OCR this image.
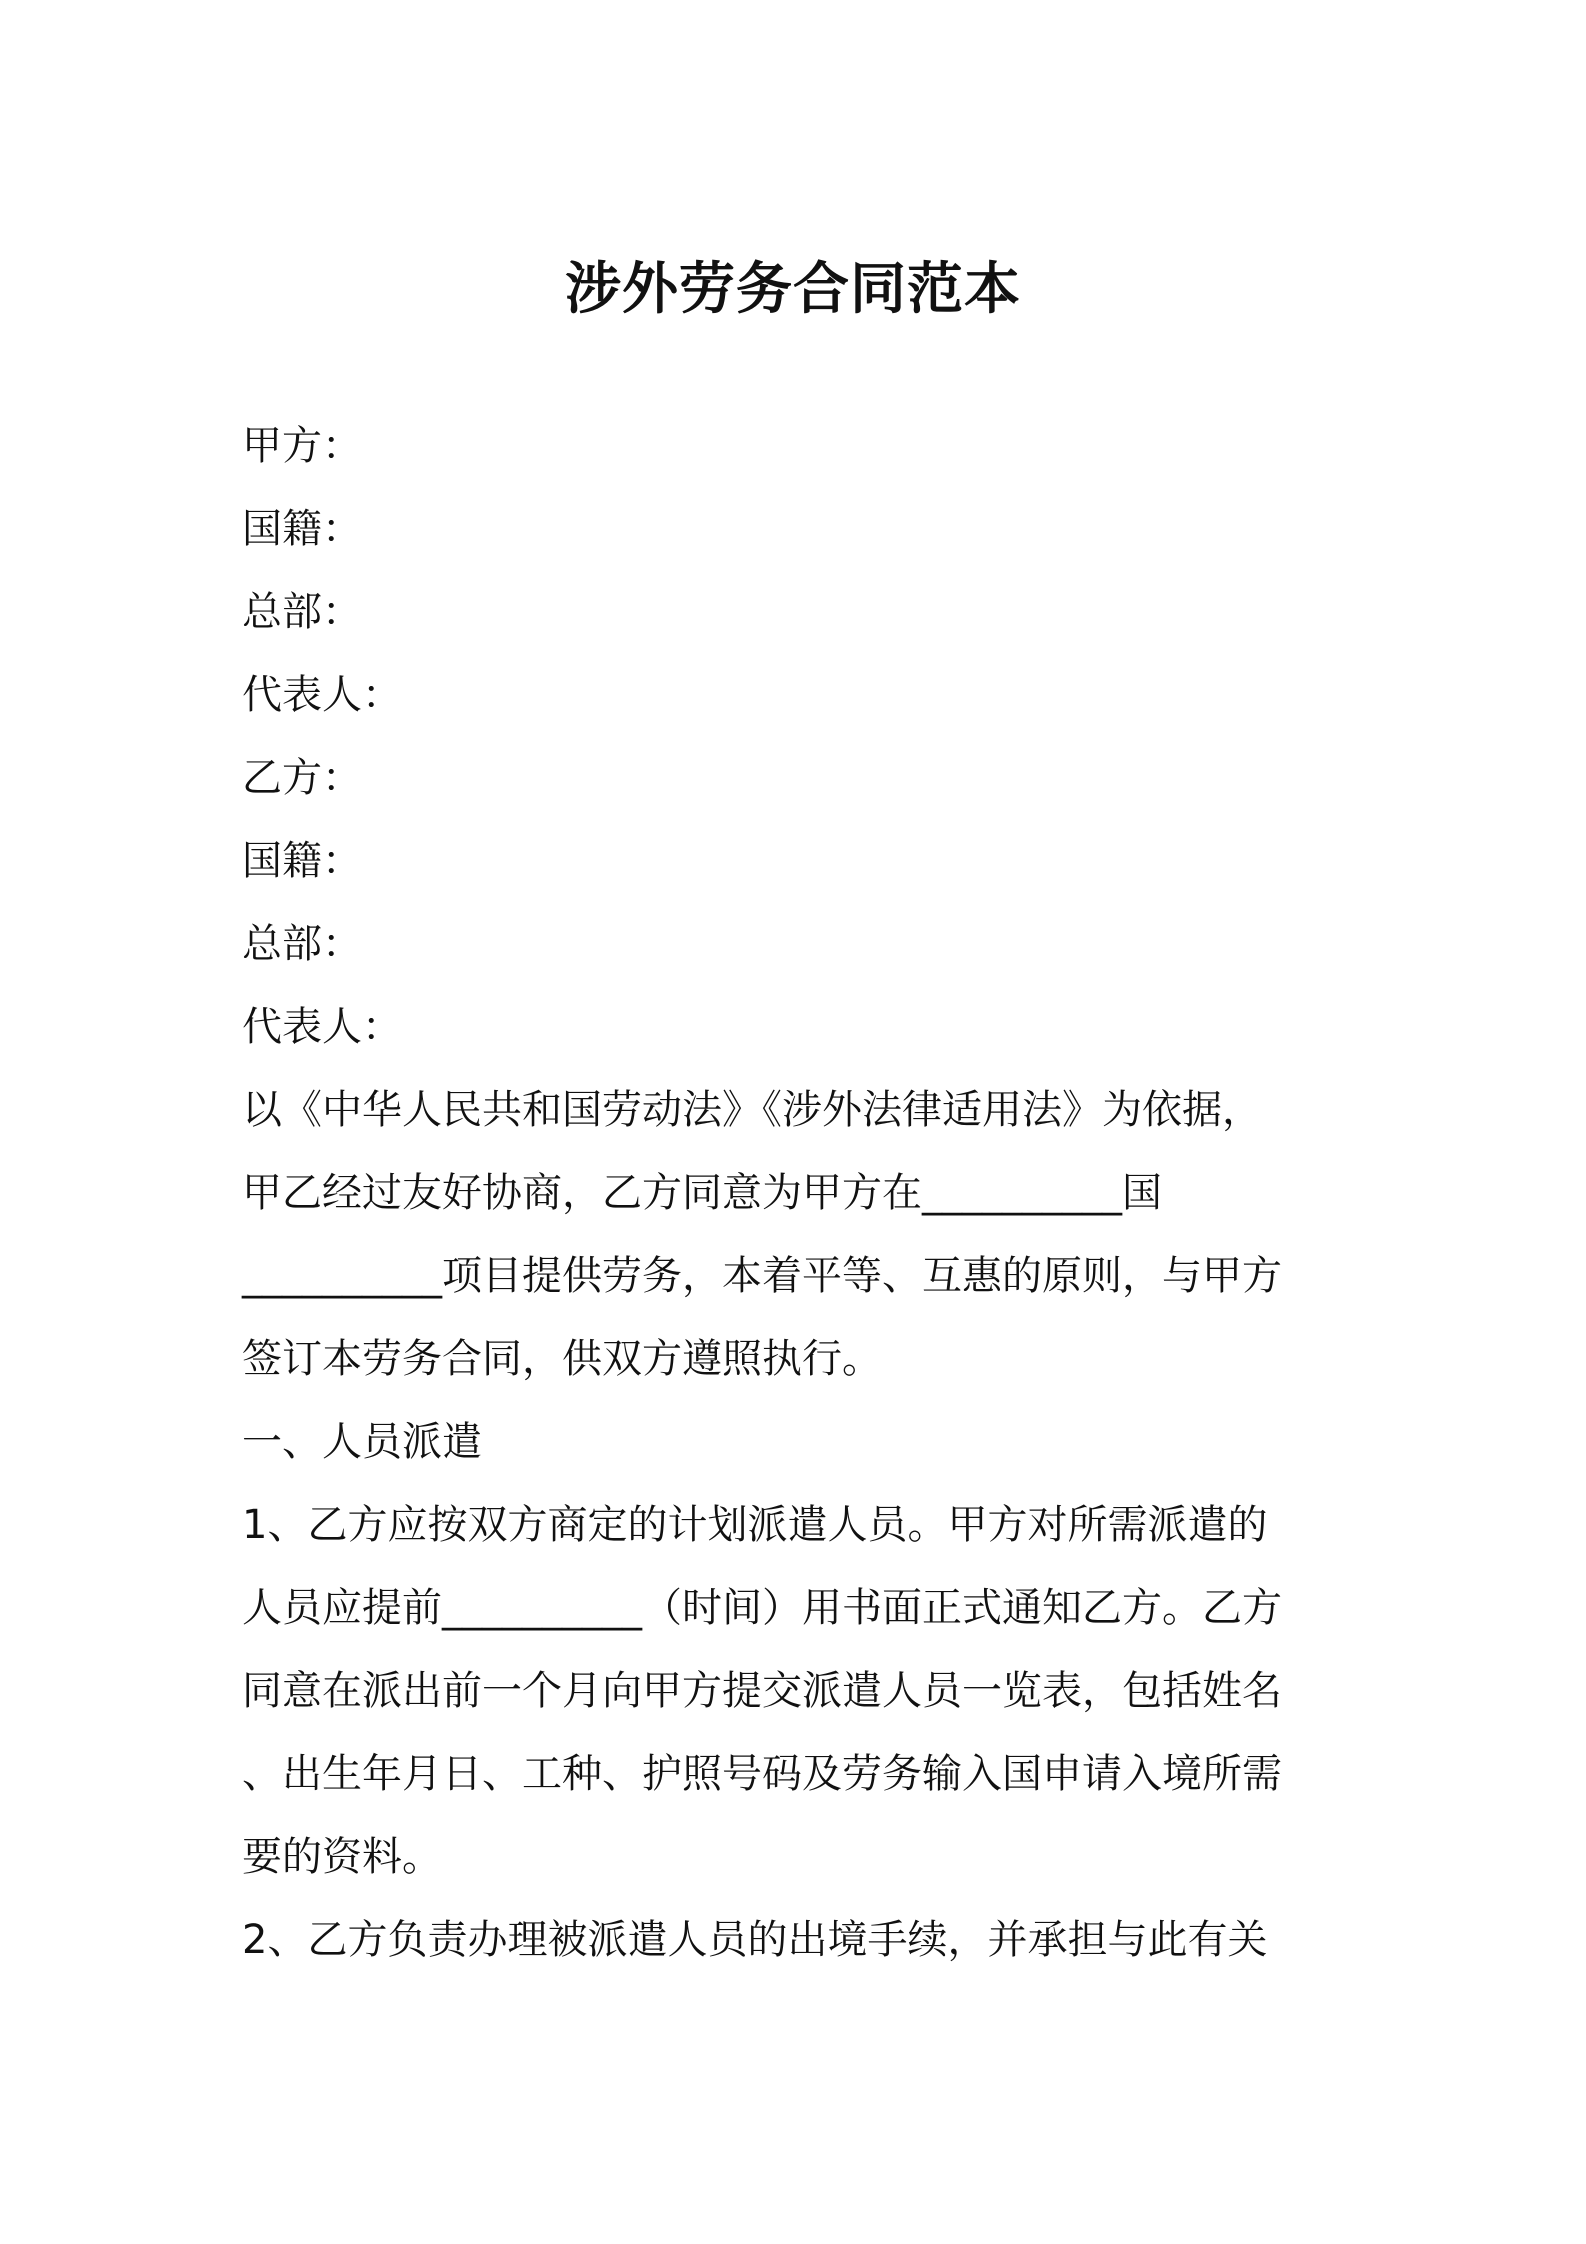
涉外劳务合同范本
甲方：
国籍：
总部：
代表人：
乙方：
国籍：
总部：
代表人：
以《中华人民共和国劳动法》《涉外法律适用法》为依据，
甲乙经过友好协商，乙方同意为甲方在__________国
__________项目提供劳务，本着平等、互惠的原则，与甲方
签订本劳务合同，供双方遵照执行。
一、人员派遣
1、乙方应按双方商定的计划派遣人员。甲方对所需派遣的
人员应提前__________（时间）用书面正式通知乙方。乙方
同意在派出前一个月向甲方提交派遣人员一览表，包括姓名
、出生年月日、工种、护照号码及劳务输入国申请入境所需
要的资料。
2、乙方负责办理被派遣人员的出境手续，并承担与此有关
